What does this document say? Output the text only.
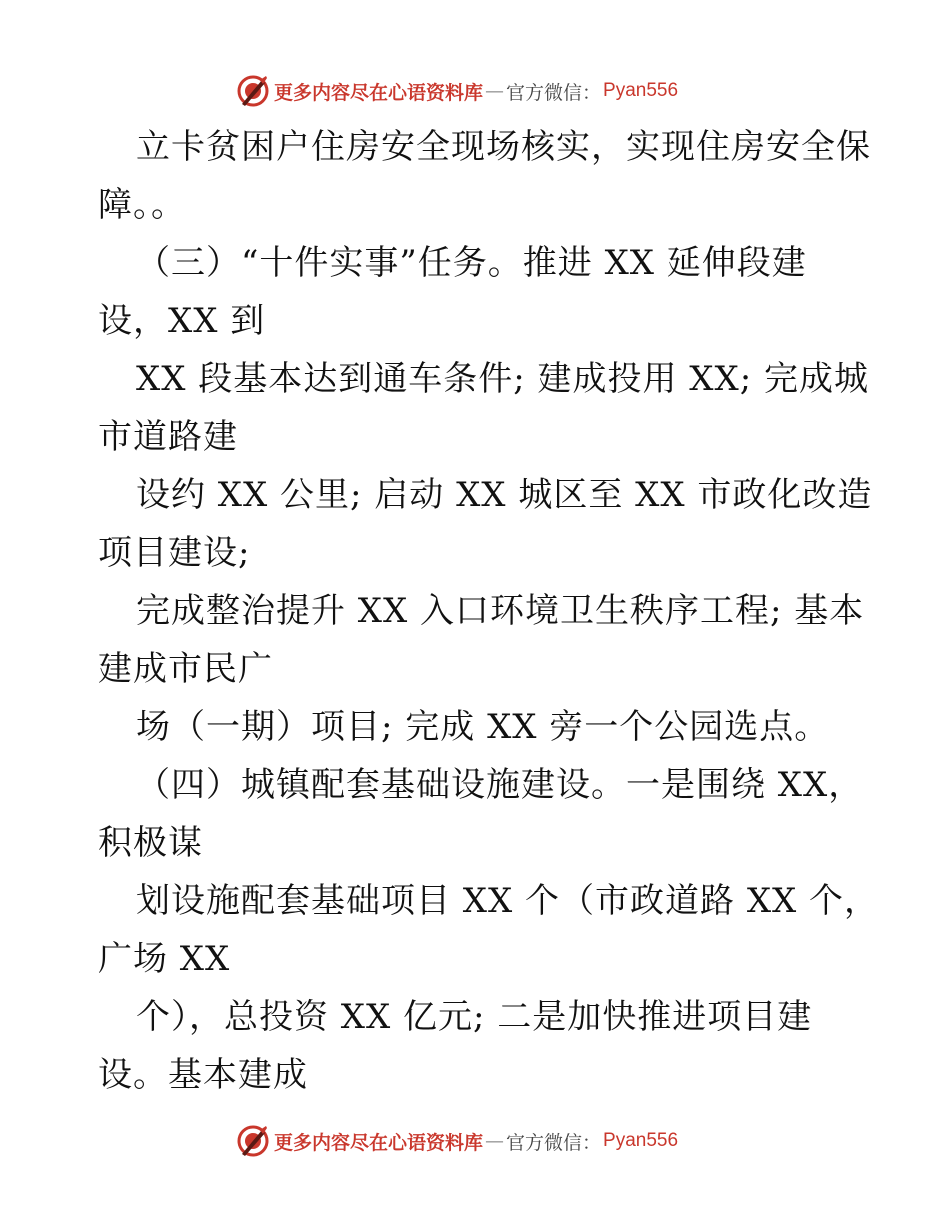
更多内容尽在心语资料库 — 官方微信： Pyan556
立卡贫困户住房安全现场核实，实现住房安全保
障。。
（三）“十件实事”任务。推进 XX 延伸段建
设，XX 到
XX 段基本达到通车条件; 建成投用 XX; 完成城
市道路建
设约 XX 公里; 启动 XX 城区至 XX 市政化改造
项目建设;
完成整治提升 XX 入口环境卫生秩序工程; 基本
建成市民广
场（一期）项目; 完成 XX 旁一个公园选点。
（四）城镇配套基础设施建设。一是围绕 XX，
积极谋
划设施配套基础项目 XX 个（市政道路 XX 个，
广场 XX
个），总投资 XX 亿元; 二是加快推进项目建
设。基本建成
更多内容尽在心语资料库 — 官方微信： Pyan556
